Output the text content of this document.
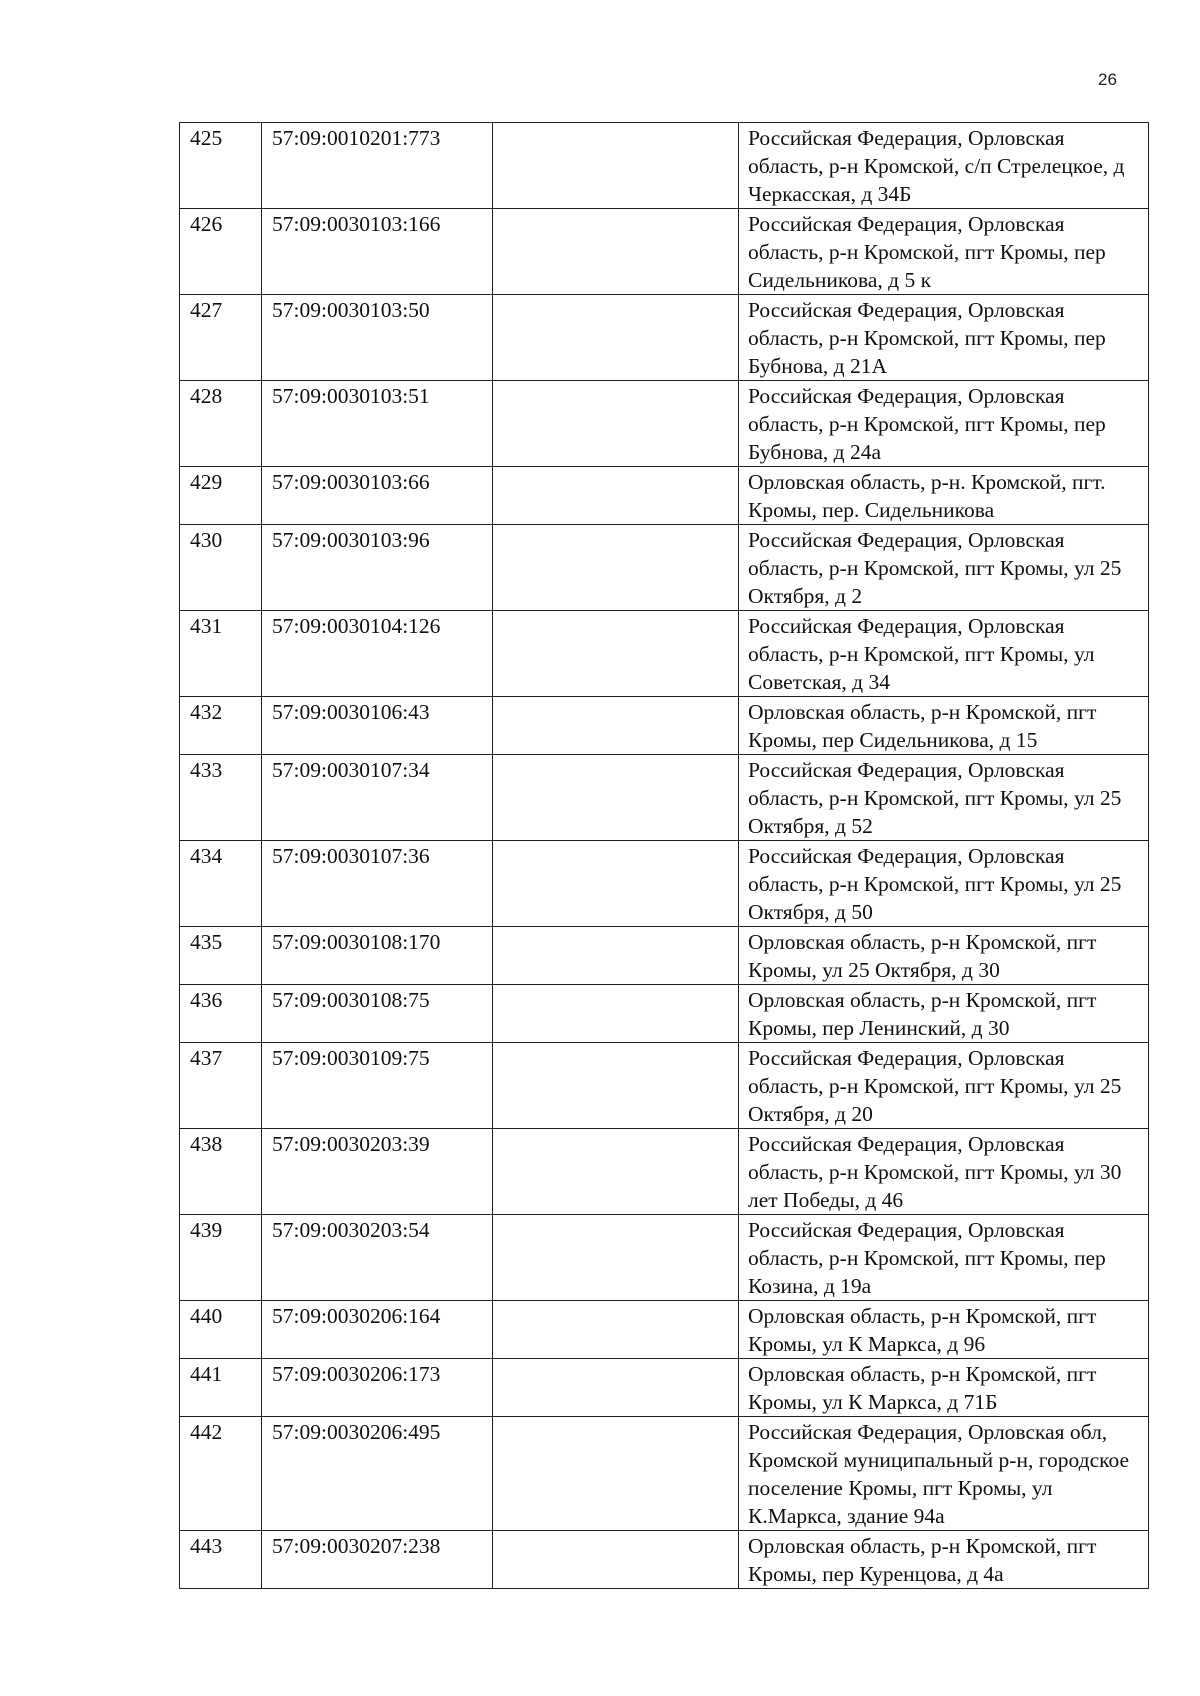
26
425	57:09:0010201:773		Российская Федерация, Орловская область, р-н Кромской, с/п Стрелецкое, д Черкасская, д 34Б
426	57:09:0030103:166		Российская Федерация, Орловская область, р-н Кромской, пгт Кромы, пер Сидельникова, д 5 к
427	57:09:0030103:50		Российская Федерация, Орловская область, р-н Кромской, пгт Кромы, пер Бубнова, д 21А
428	57:09:0030103:51		Российская Федерация, Орловская область, р-н Кромской, пгт Кромы, пер Бубнова, д 24а
429	57:09:0030103:66		Орловская область, р-н. Кромской, пгт. Кромы, пер. Сидельникова
430	57:09:0030103:96		Российская Федерация, Орловская область, р-н Кромской, пгт Кромы, ул 25 Октября, д 2
431	57:09:0030104:126		Российская Федерация, Орловская область, р-н Кромской, пгт Кромы, ул Советская, д 34
432	57:09:0030106:43		Орловская область, р-н Кромской, пгт Кромы, пер Сидельникова, д 15
433	57:09:0030107:34		Российская Федерация, Орловская область, р-н Кромской, пгт Кромы, ул 25 Октября, д 52
434	57:09:0030107:36		Российская Федерация, Орловская область, р-н Кромской, пгт Кромы, ул 25 Октября, д 50
435	57:09:0030108:170		Орловская область, р-н Кромской, пгт Кромы, ул 25 Октября, д 30
436	57:09:0030108:75		Орловская область, р-н Кромской, пгт Кромы, пер Ленинский, д 30
437	57:09:0030109:75		Российская Федерация, Орловская область, р-н Кромской, пгт Кромы, ул 25 Октября, д 20
438	57:09:0030203:39		Российская Федерация, Орловская область, р-н Кромской, пгт Кромы, ул 30 лет Победы, д 46
439	57:09:0030203:54		Российская Федерация, Орловская область, р-н Кромской, пгт Кромы, пер Козина, д 19а
440	57:09:0030206:164		Орловская область, р-н Кромской, пгт Кромы, ул К Маркса, д 96
441	57:09:0030206:173		Орловская область, р-н Кромской, пгт Кромы, ул К Маркса, д 71Б
442	57:09:0030206:495		Российская Федерация, Орловская обл, Кромской муниципальный р-н, городское поселение Кромы, пгт Кромы, ул К.Маркса, здание 94а
443	57:09:0030207:238		Орловская область, р-н Кромской, пгт Кромы, пер Куренцова, д 4а
